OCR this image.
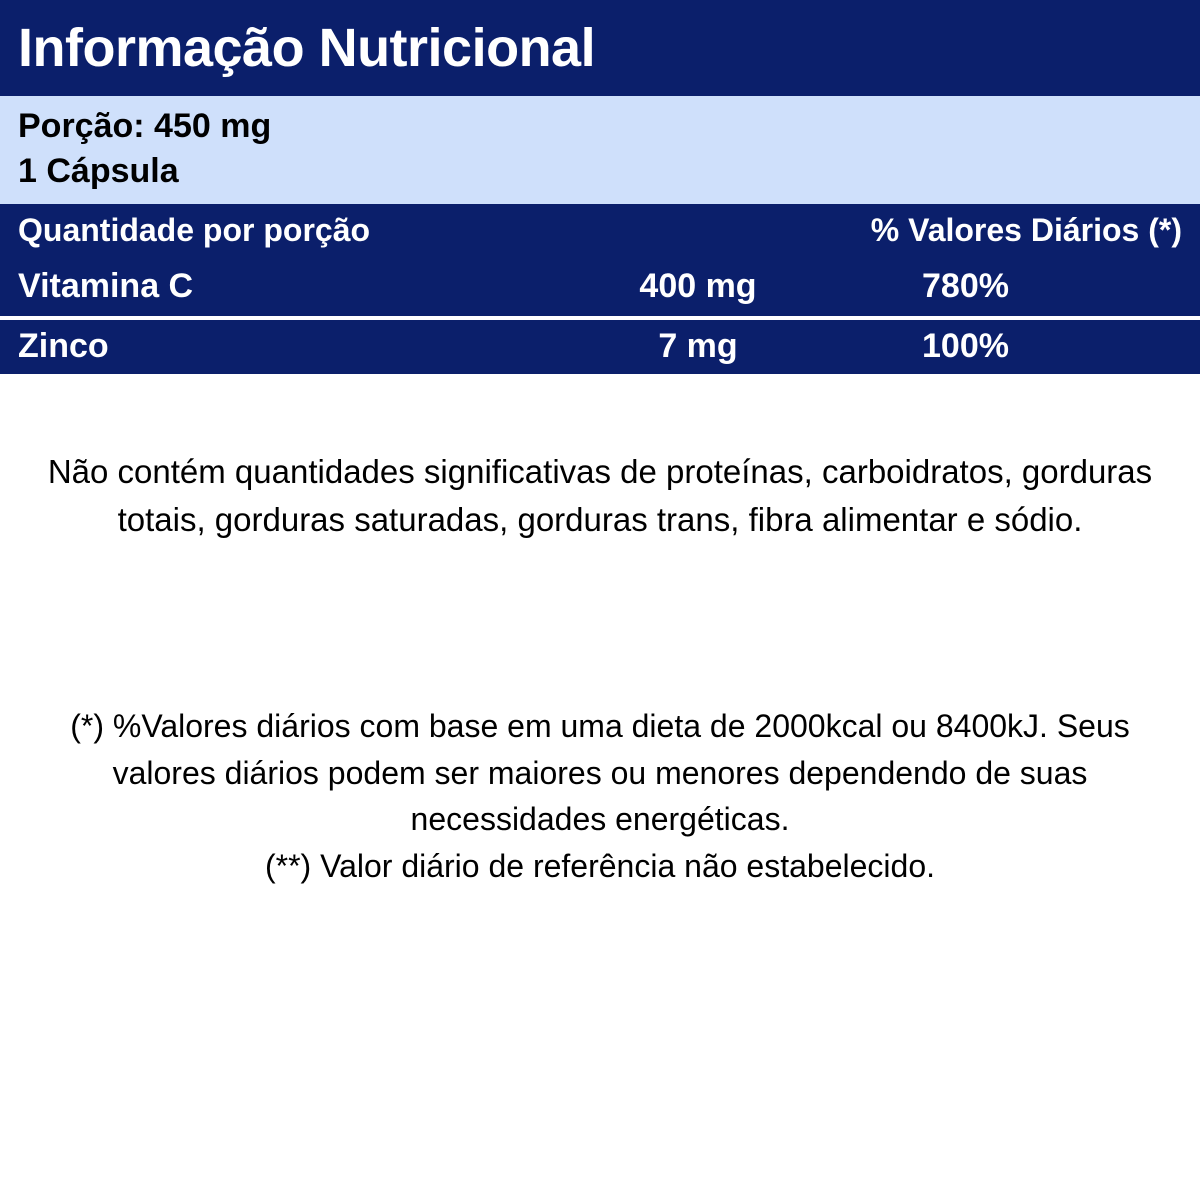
Informação Nutricional
Porção: 450 mg
1 Cápsula
Quantidade por porção	% Valores Diários (*)
Vitamina C	400 mg	780%
Zinco	7 mg	100%
Não contém quantidades significativas de proteínas, carboidratos, gorduras totais, gorduras saturadas, gorduras trans, fibra alimentar e sódio.

(*) %Valores diários com base em uma dieta de 2000kcal ou 8400kJ. Seus valores diários podem ser maiores ou menores dependendo de suas necessidades energéticas.

(**) Valor diário de referência não estabelecido.
